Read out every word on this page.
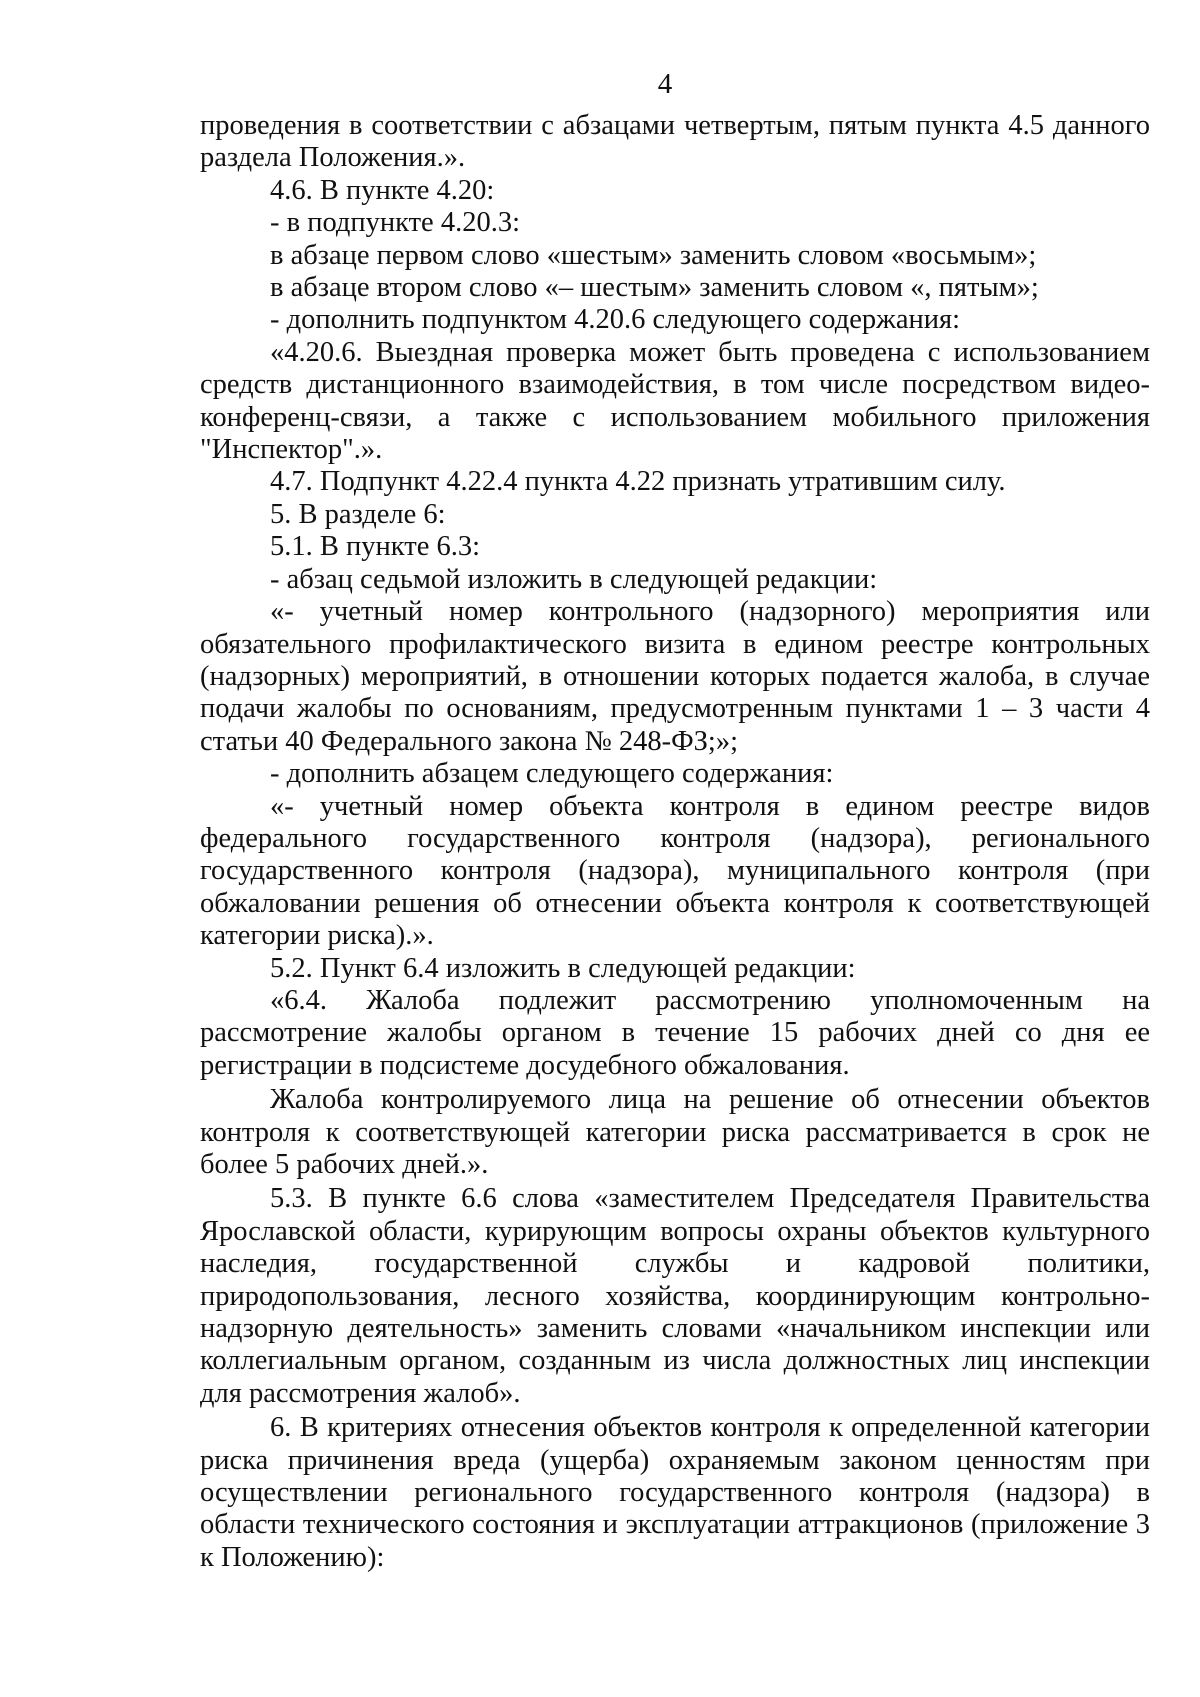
4

проведения в соответствии с абзацами четвертым, пятым пункта 4.5 данного раздела Положения.».

4.6. В пункте 4.20:

- в подпункте 4.20.3:

в абзаце первом слово «шестым» заменить словом «восьмым»;

в абзаце втором слово «– шестым» заменить словом «, пятым»;

- дополнить подпунктом 4.20.6 следующего содержания:

«4.20.6. Выездная проверка может быть проведена с использованием средств дистанционного взаимодействия, в том числе посредством видео-конференц-связи, а также с использованием мобильного приложения "Инспектор".».

4.7. Подпункт 4.22.4 пункта 4.22 признать утратившим силу.

5. В разделе 6:

5.1. В пункте 6.3:

- абзац седьмой изложить в следующей редакции:

«- учетный номер контрольного (надзорного) мероприятия или обязательного профилактического визита в едином реестре контрольных (надзорных) мероприятий, в отношении которых подается жалоба, в случае подачи жалобы по основаниям, предусмотренным пунктами 1 – 3 части 4 статьи 40 Федерального закона № 248-ФЗ;»;

- дополнить абзацем следующего содержания:

«- учетный номер объекта контроля в едином реестре видов федерального государственного контроля (надзора), регионального государственного контроля (надзора), муниципального контроля (при обжаловании решения об отнесении объекта контроля к соответствующей категории риска).».

5.2. Пункт 6.4 изложить в следующей редакции:

«6.4. Жалоба подлежит рассмотрению уполномоченным на рассмотрение жалобы органом в течение 15 рабочих дней со дня ее регистрации в подсистеме досудебного обжалования.

Жалоба контролируемого лица на решение об отнесении объектов контроля к соответствующей категории риска рассматривается в срок не более 5 рабочих дней.».

5.3. В пункте 6.6 слова «заместителем Председателя Правительства Ярославской области, курирующим вопросы охраны объектов культурного наследия, государственной службы и кадровой политики, природопользования, лесного хозяйства, координирующим контрольно-надзорную деятельность» заменить словами «начальником инспекции или коллегиальным органом, созданным из числа должностных лиц инспекции для рассмотрения жалоб».

6. В критериях отнесения объектов контроля к определенной категории риска причинения вреда (ущерба) охраняемым законом ценностям при осуществлении регионального государственного контроля (надзора) в области технического состояния и эксплуатации аттракционов (приложение 3 к Положению):
